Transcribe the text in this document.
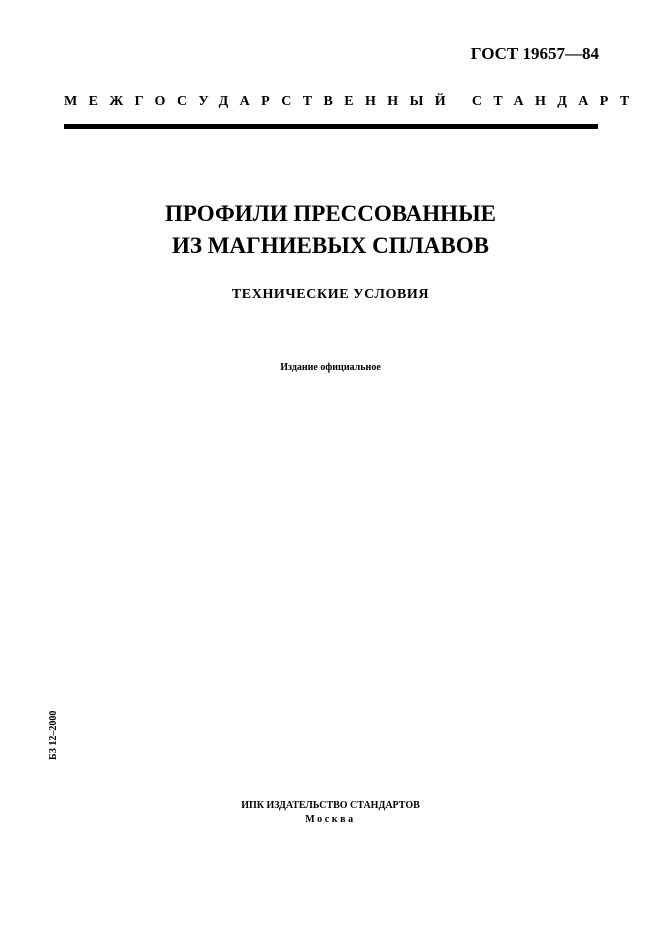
ГОСТ 19657—84
МЕЖГОСУДАРСТВЕННЫЙ СТАНДАРТ
ПРОФИЛИ ПРЕССОВАННЫЕ
ИЗ МАГНИЕВЫХ СПЛАВОВ
ТЕХНИЧЕСКИЕ УСЛОВИЯ
Издание официальное
БЗ 12–2000
ИПК ИЗДАТЕЛЬСТВО СТАНДАРТОВ
Москва
